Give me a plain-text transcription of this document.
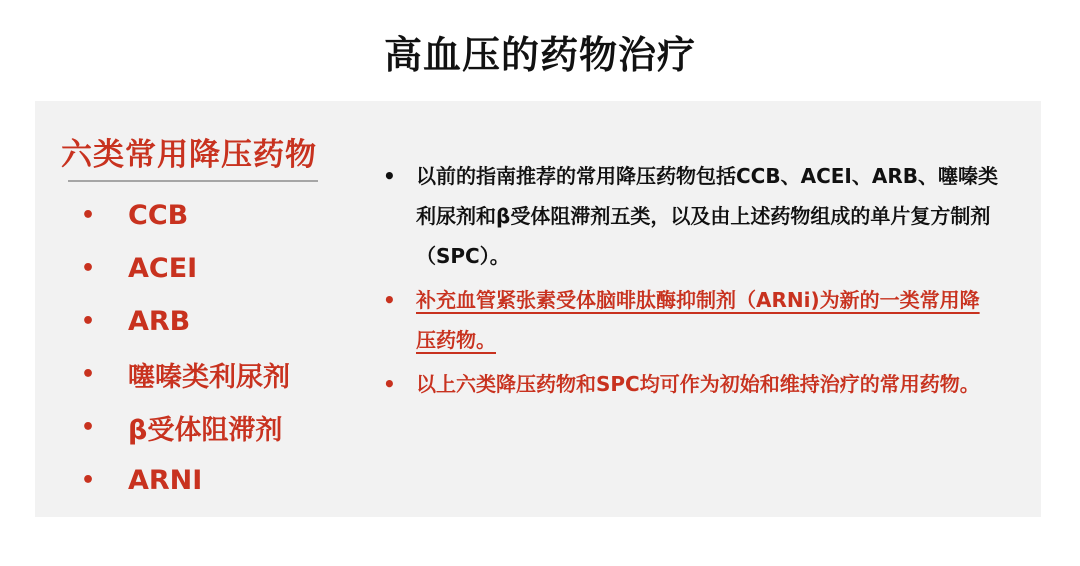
高血压的药物治疗
六类常用降压药物
•	CCB
•	ACEI
•	ARB
•	噻嗪类利尿剂
•	β受体阻滞剂
•	ARNI
• 以前的指南推荐的常用降压药物包括CCB、ACEI、ARB、噻嗪类利尿剂和β受体阻滞剂五类，以及由上述药物组成的单片复方制剂（SPC）。
• 补充血管紧张素受体脑啡肽酶抑制剂（ARNi)为新的一类常用降压药物。
• 以上六类降压药物和SPC均可作为初始和维持治疗的常用药物。
